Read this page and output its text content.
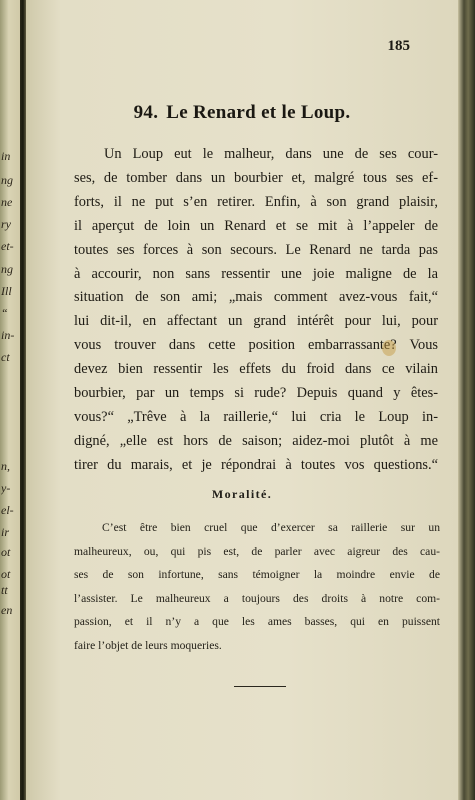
in
ng
ne
ry
et-
ng
Ill
“
in-
ct
n,
y-
el-
ir
ot
ot
tt
en
185
94. Le Renard et le Loup.
Un Loup eut le malheur, dans une de ses cour-
ses, de tomber dans un bourbier et, malgré tous ses ef-
forts, il ne put s’en retirer. Enfin, à son grand plaisir,
il aperçut de loin un Renard et se mit à l’appeler de
toutes ses forces à son secours. Le Renard ne tarda pas
à accourir, non sans ressentir une joie maligne de la
situation de son ami; „mais comment avez-vous fait,“
lui dit-il, en affectant un grand intérêt pour lui, pour
vous trouver dans cette position embarrassante? Vous
devez bien ressentir les effets du froid dans ce vilain
bourbier, par un temps si rude? Depuis quand y êtes-
vous?“ „Trêve à la raillerie,“ lui cria le Loup in-
digné, „elle est hors de saison; aidez-moi plutôt à me
tirer du marais, et je répondrai à toutes vos questions.“
Moralité.
C’est être bien cruel que d’exercer sa raillerie sur un
malheureux, ou, qui pis est, de parler avec aigreur des cau-
ses de son infortune, sans témoigner la moindre envie de
l’assister. Le malheureux a toujours des droits à notre com-
passion, et il n’y a que les ames basses, qui en puissent
faire l’objet de leurs moqueries.
